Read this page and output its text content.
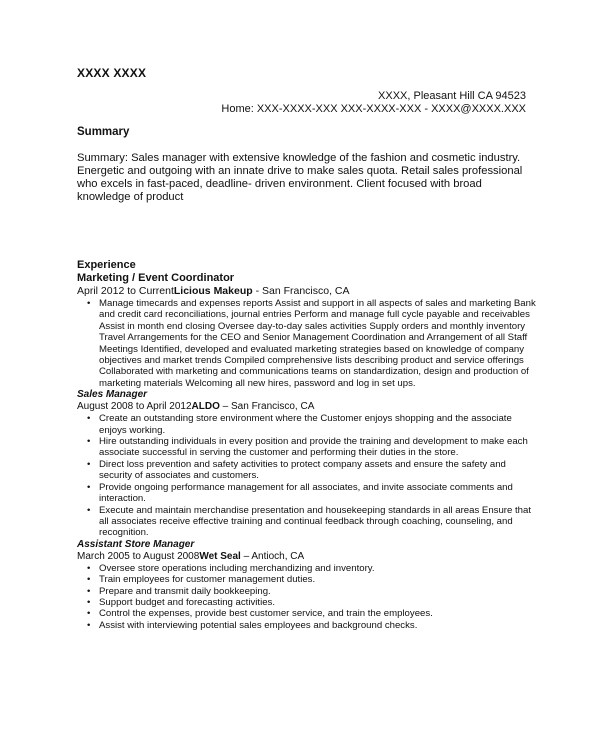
XXXX XXXX
XXXX, Pleasant Hill CA 94523
Home: XXX-XXXX-XXX XXX-XXXX-XXX - XXXX@XXXX.XXX
Summary
Summary: Sales manager with extensive knowledge of the fashion and cosmetic industry. Energetic and outgoing with an innate drive to make sales quota. Retail sales professional who excels in fast-paced, deadline- driven environment. Client focused with broad knowledge of product
Experience
Marketing / Event Coordinator
April 2012 to CurrentLicious Makeup - San Francisco, CA
• Manage timecards and expenses reports Assist and support in all aspects of sales and marketing Bank and credit card reconciliations, journal entries Perform and manage full cycle payable and receivables Assist in month end closing Oversee day-to-day sales activities Supply orders and monthly inventory Travel Arrangements for the CEO and Senior Management Coordination and Arrangement of all Staff Meetings Identified, developed and evaluated marketing strategies based on knowledge of company objectives and market trends Compiled comprehensive lists describing product and service offerings Collaborated with marketing and communications teams on standardization, design and production of marketing materials Welcoming all new hires, password and log in set ups.
Sales Manager
August 2008 to April 2012ALDO – San Francisco, CA
• Create an outstanding store environment where the Customer enjoys shopping and the associate enjoys working.
• Hire outstanding individuals in every position and provide the training and development to make each associate successful in serving the customer and performing their duties in the store.
• Direct loss prevention and safety activities to protect company assets and ensure the safety and security of associates and customers.
• Provide ongoing performance management for all associates, and invite associate comments and interaction.
• Execute and maintain merchandise presentation and housekeeping standards in all areas Ensure that all associates receive effective training and continual feedback through coaching, counseling, and recognition.
Assistant Store Manager
March 2005 to August 2008Wet Seal – Antioch, CA
• Oversee store operations including merchandizing and inventory.
• Train employees for customer management duties.
• Prepare and transmit daily bookkeeping.
• Support budget and forecasting activities.
• Control the expenses, provide best customer service, and train the employees.
• Assist with interviewing potential sales employees and background checks.
